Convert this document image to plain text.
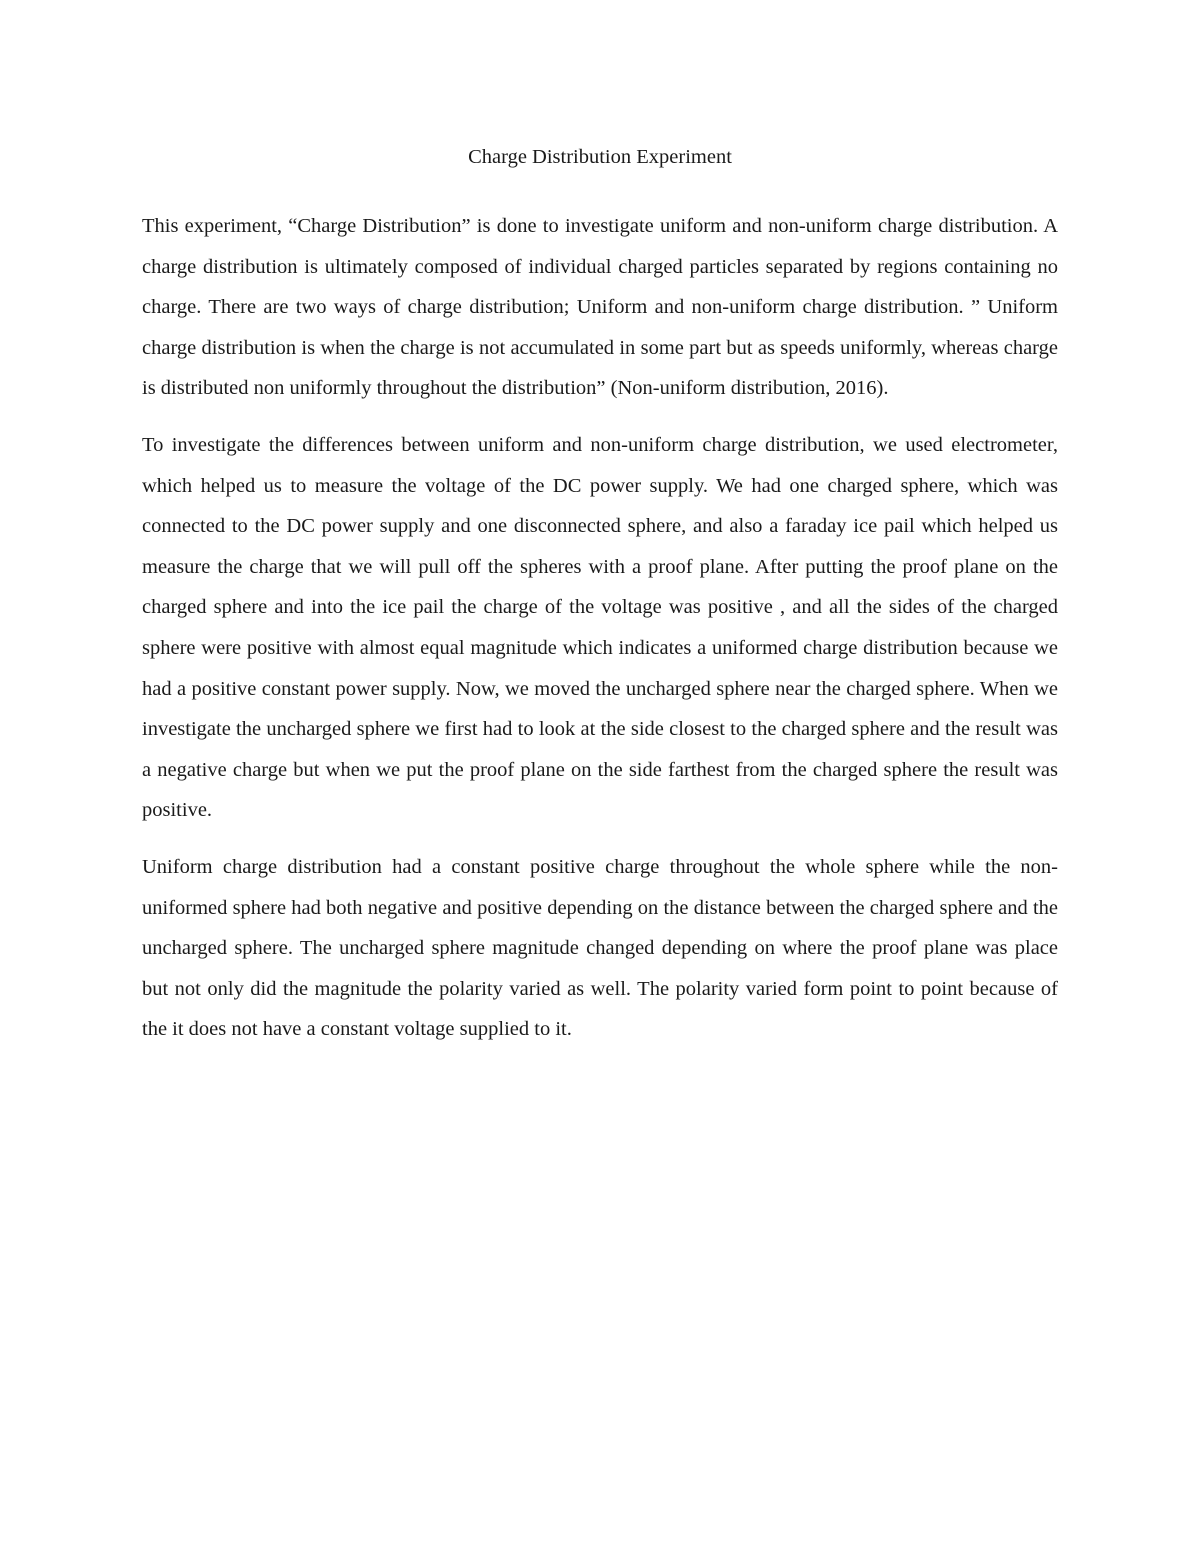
Charge Distribution Experiment

This experiment, “Charge Distribution” is done to investigate uniform and non-uniform charge distribution. A charge distribution is ultimately composed of individual charged particles separated by regions containing no charge. There are two ways of charge distribution; Uniform and non-uniform charge distribution. ” Uniform charge distribution is when the charge is not accumulated in some part but as speeds uniformly, whereas charge is distributed non uniformly throughout the distribution” (Non-uniform distribution, 2016).

To investigate the differences between uniform and non-uniform charge distribution, we used electrometer, which helped us to measure the voltage of the DC power supply. We had one charged sphere, which was connected to the DC power supply and one disconnected sphere, and also a faraday ice pail which helped us measure the charge that we will pull off the spheres with a proof plane. After putting the proof plane on the charged sphere and into the ice pail the charge of the voltage was positive , and all the sides of the charged sphere were positive with almost equal magnitude which indicates a uniformed charge distribution because we had a positive constant power supply. Now, we moved the uncharged sphere near the charged sphere. When we investigate the uncharged sphere we first had to look at the side closest to the charged sphere and the result was a negative charge but when we put the proof plane on the side farthest from the charged sphere the result was positive.

Uniform charge distribution had a constant positive charge throughout the whole sphere while the non-uniformed sphere had both negative and positive depending on the distance between the charged sphere and the uncharged sphere. The uncharged sphere magnitude changed depending on where the proof plane was place but not only did the magnitude the polarity varied as well. The polarity varied form point to point because of the it does not have a constant voltage supplied to it.
